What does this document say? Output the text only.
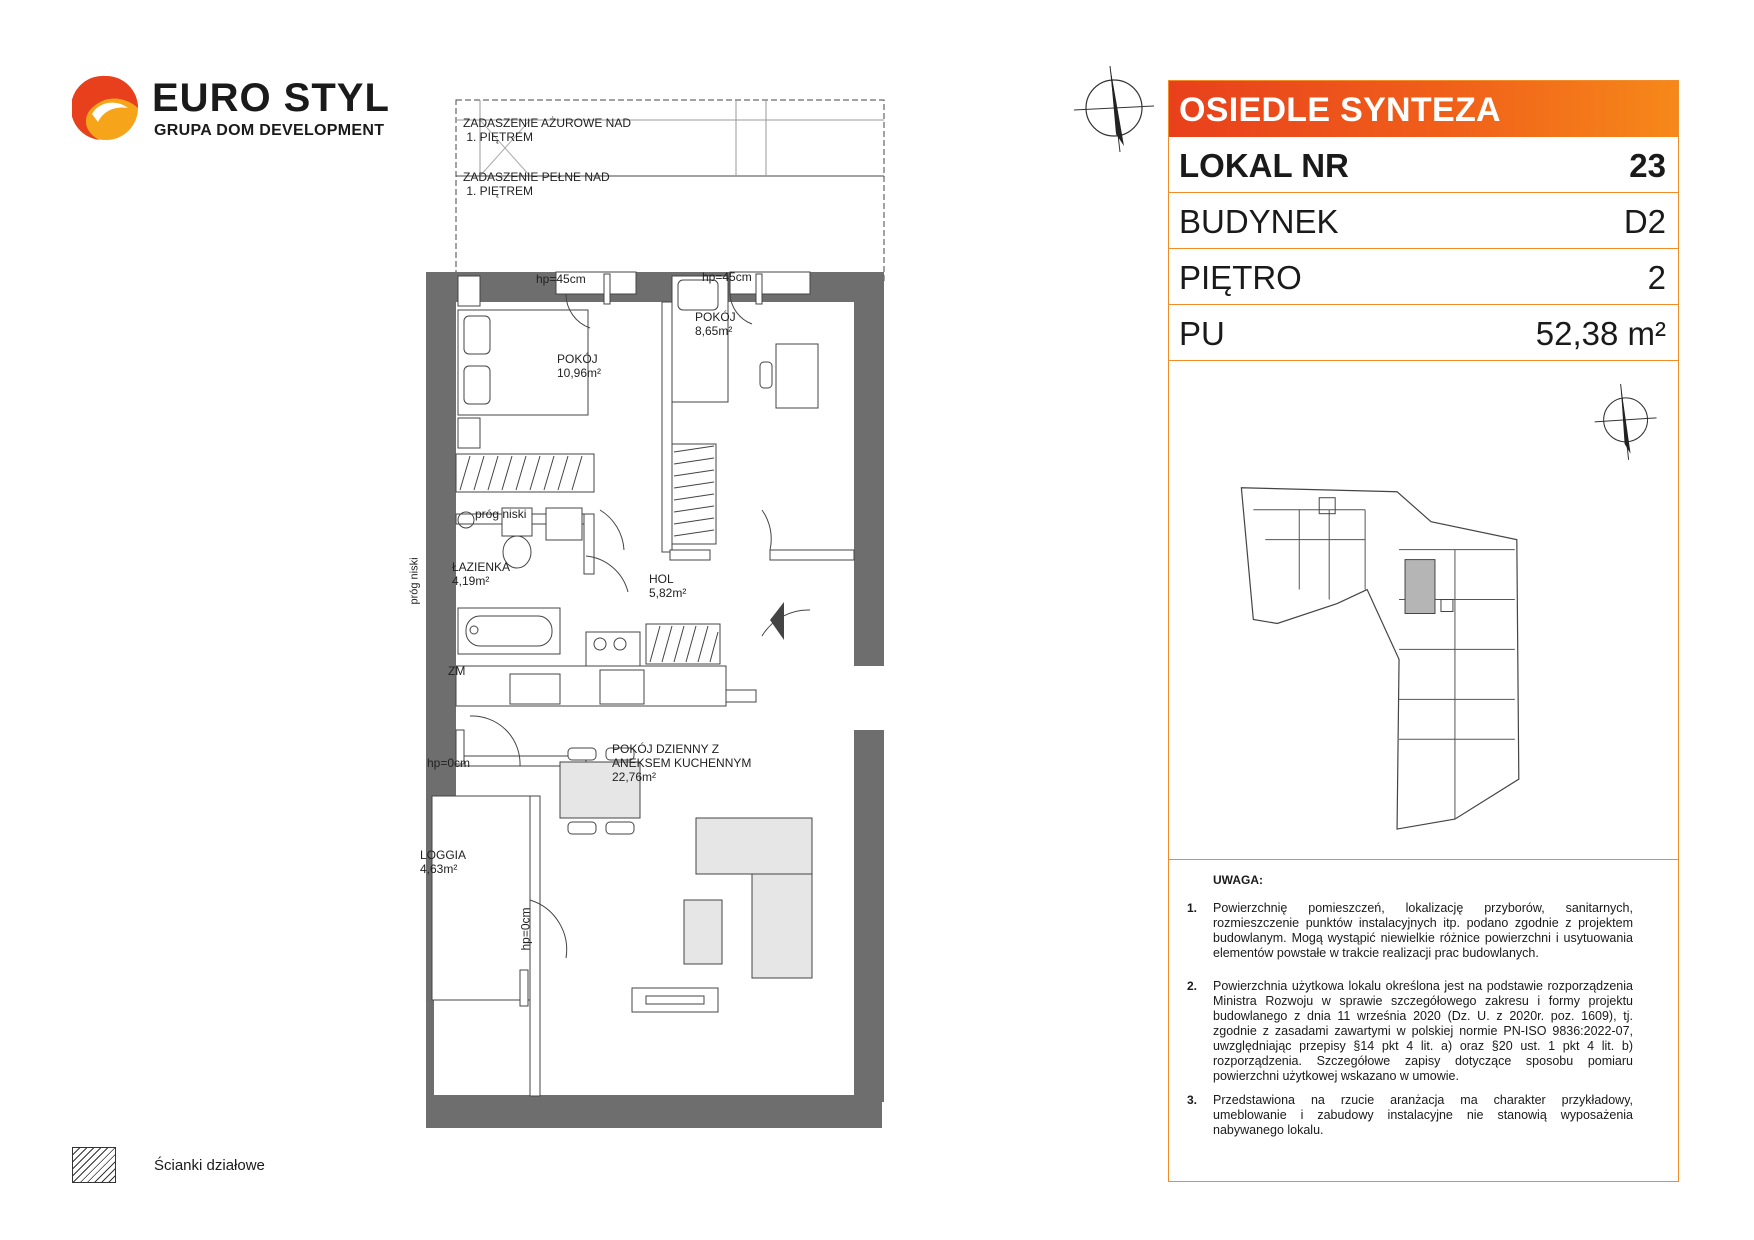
EURO STYL
GRUPA DOM DEVELOPMENT	ZADASZENIE AŻUROWE NAD
1. PIĘTREM
ZADASZENIE PEŁNE NAD
1. PIĘTREM
hp=45cm	hp=45cm
POKÓJ
10,96m²
POKÓJ
8,65m²
próg niski
próg niski	ŁAZIENKA
4,19m²	HOL
5,82m²
ZM
POKÓJ DZIENNY Z
ANEKSEM KUCHENNYM
22,76m²
hp=0cm
hp=0cm
LOGGIA
4,63m²
Ścianki działowe
OSIEDLE SYNTEZA
LOKAL NR	23
BUDYNEK	D2
PIĘTRO	2
PU	52,38 m²
UWAGA:
1. Powierzchnię pomieszczeń, lokalizację przyborów, sanitarnych, rozmieszczenie punktów instalacyjnych itp. podano zgodnie z projektem budowlanym. Mogą wystąpić niewielkie różnice powierzchni i usytuowania elementów powstałe w trakcie realizacji prac budowlanych.
2. Powierzchnia użytkowa lokalu określona jest na podstawie rozporządzenia Ministra Rozwoju w sprawie szczegółowego zakresu i formy projektu budowlanego z dnia 11 września 2020 (Dz. U. z 2020r. poz. 1609), tj. zgodnie z zasadami zawartymi w polskiej normie PN-ISO 9836:2022-07, uwzględniając przepisy §14 pkt 4 lit. a) oraz §20 ust. 1 pkt 4 lit. b) rozporządzenia. Szczegółowe zapisy dotyczące sposobu pomiaru powierzchni użytkowej wskazano w umowie.
3. Przedstawiona na rzucie aranżacja ma charakter przykładowy, umeblowanie i zabudowy instalacyjne nie stanowią wyposażenia nabywanego lokalu.
